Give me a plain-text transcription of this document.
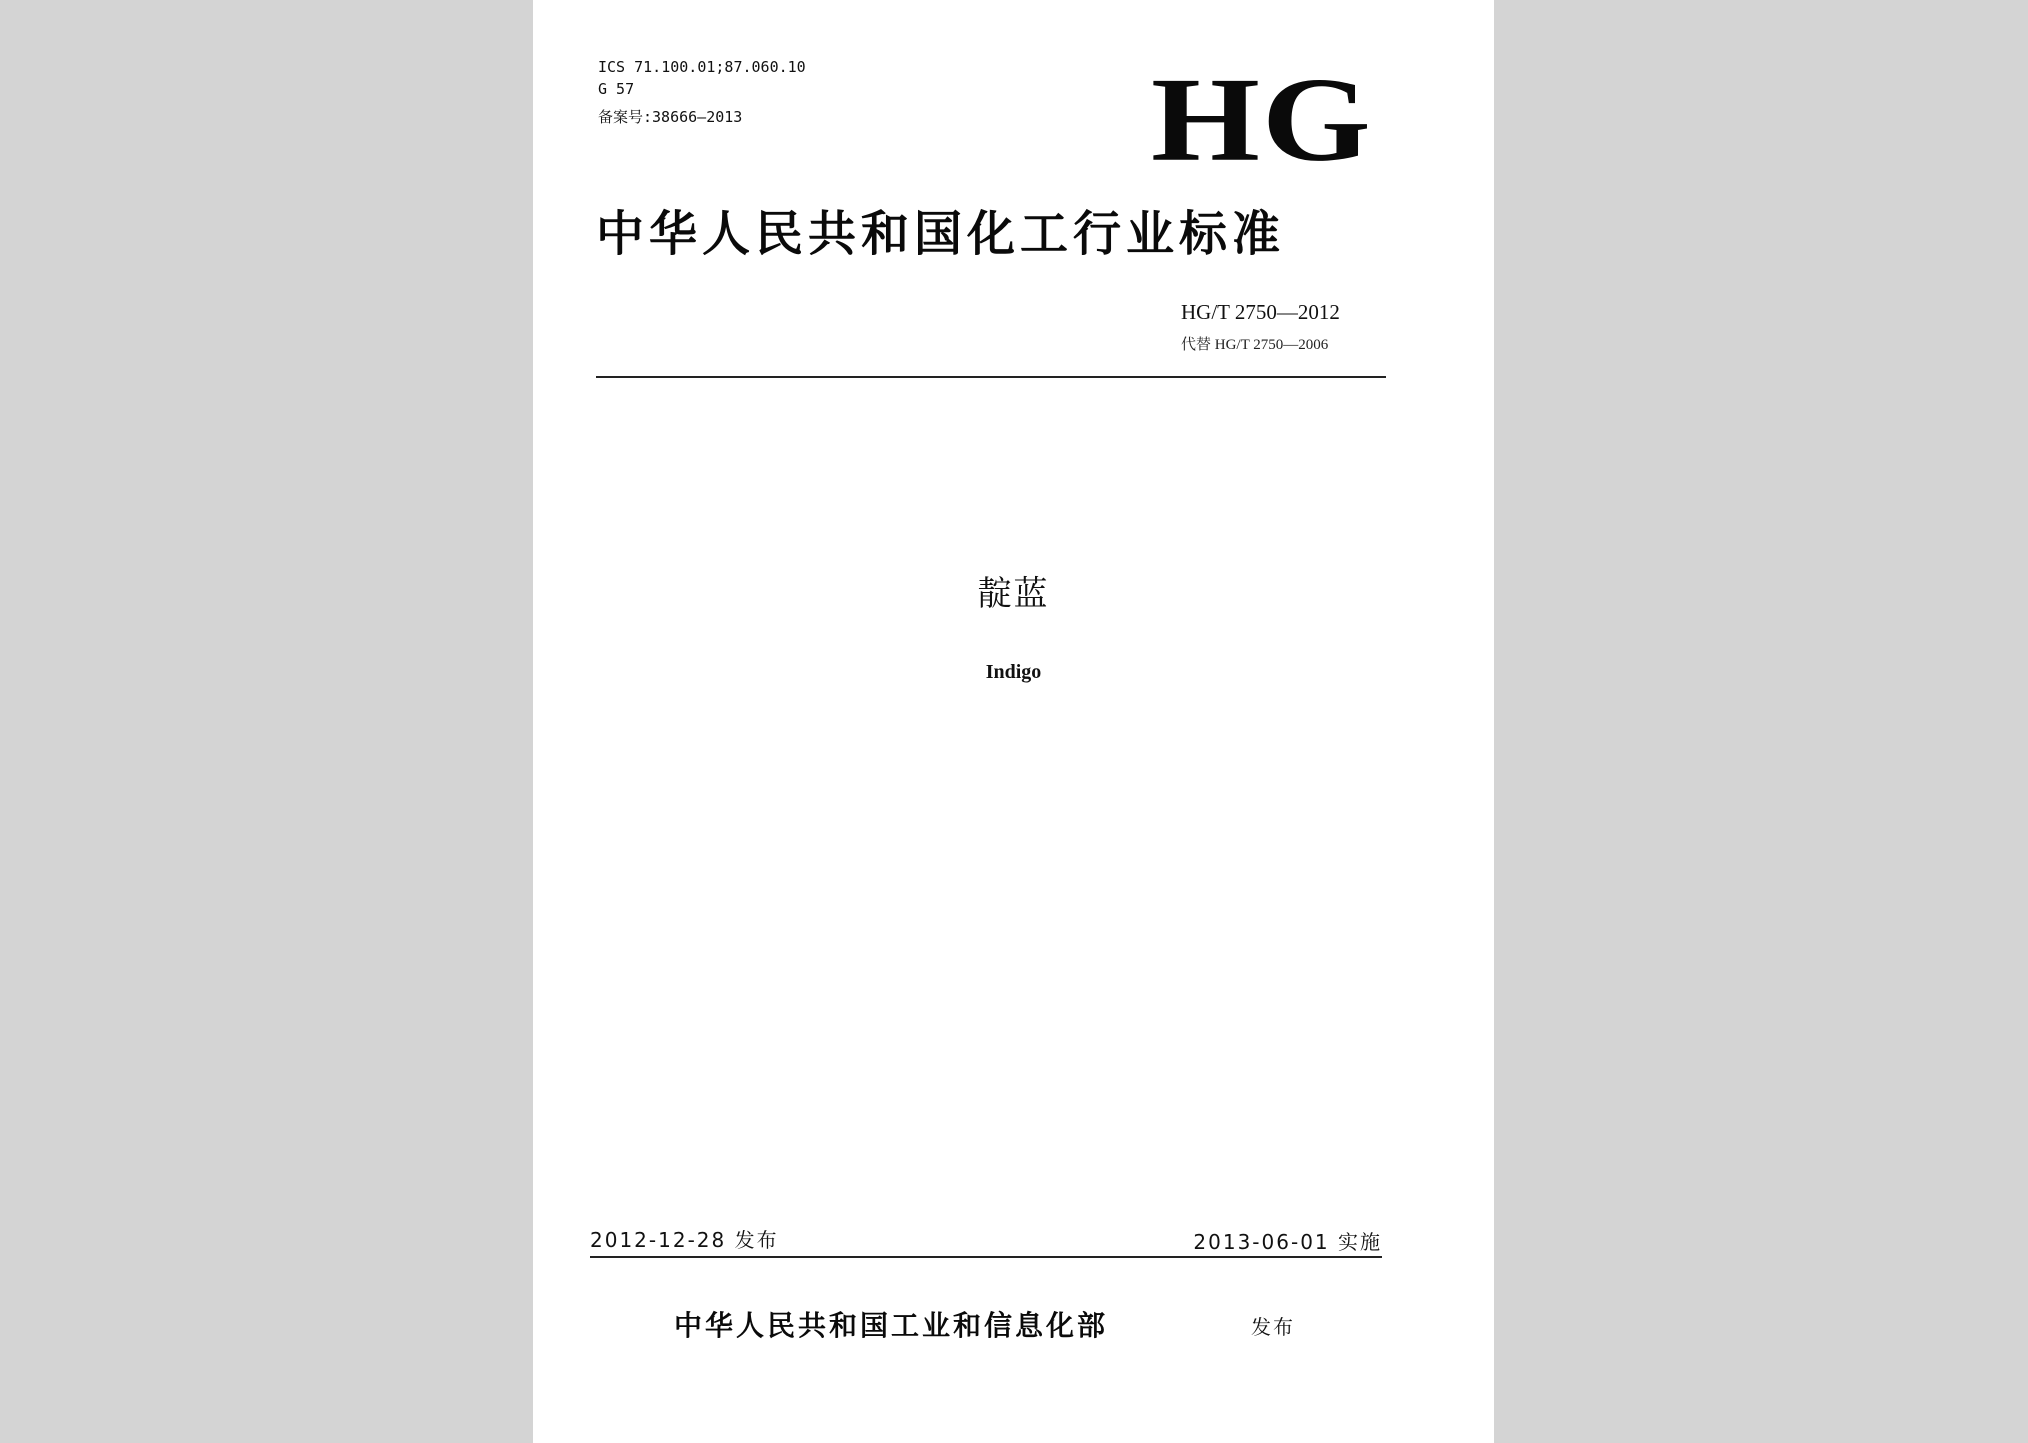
ICS 71.100.01;87.060.10
G 57
备案号:38666—2013	HG
中华人民共和国化工行业标准
HG/T 2750—2012
代替 HG/T 2750—2006
靛蓝
Indigo
2012-12-28 发布	2013-06-01 实施
中华人民共和国工业和信息化部	发布
